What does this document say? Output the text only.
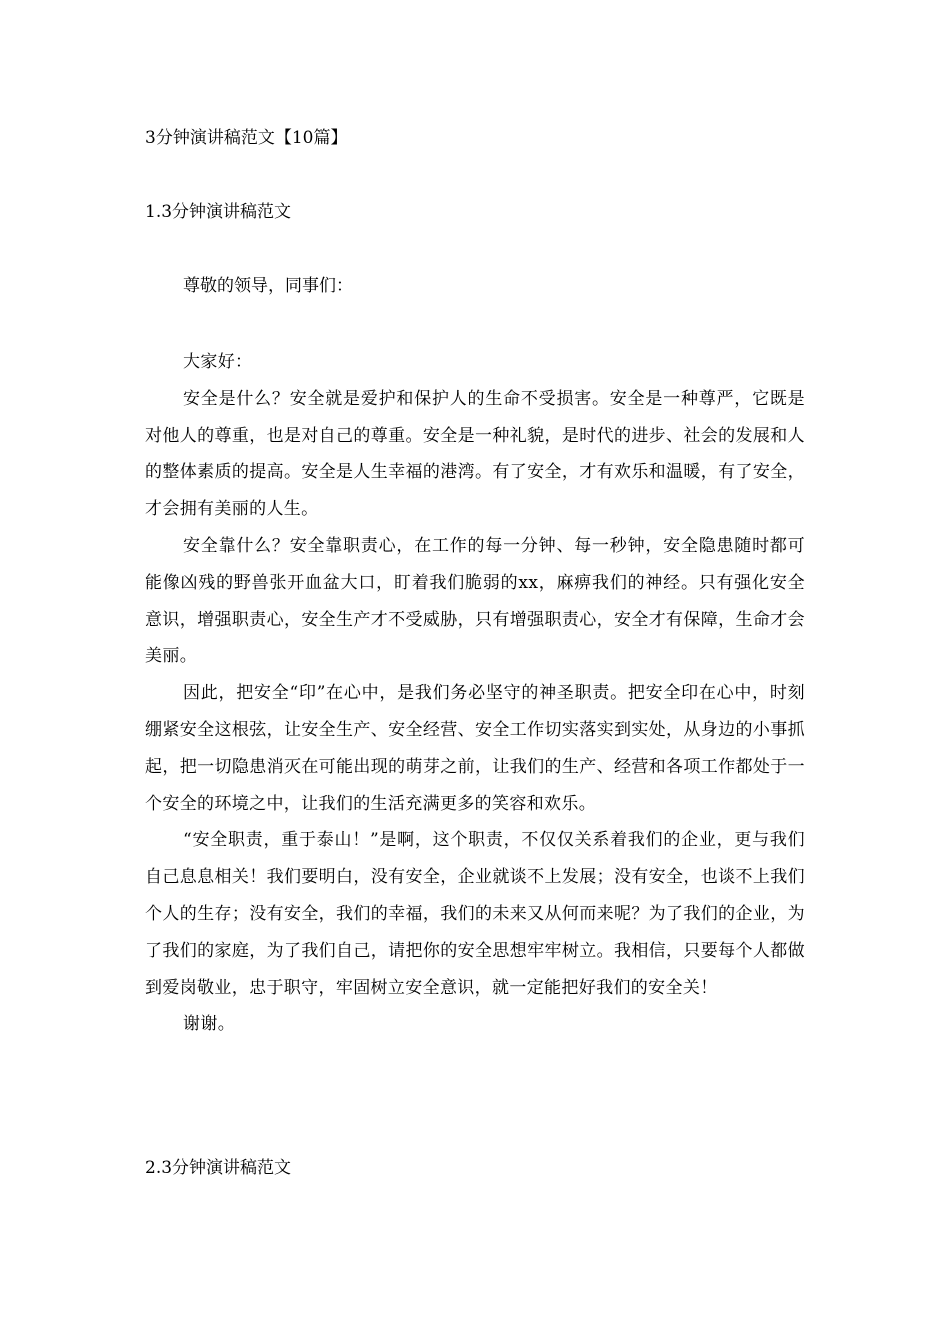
3分钟演讲稿范文【10篇】
1.3分钟演讲稿范文
尊敬的领导，同事们：

大家好：

安全是什么？安全就是爱护和保护人的生命不受损害。安全是一种尊严，它既是对他人的尊重，也是对自己的尊重。安全是一种礼貌，是时代的进步、社会的发展和人的整体素质的提高。安全是人生幸福的港湾。有了安全，才有欢乐和温暖，有了安全，才会拥有美丽的人生。

安全靠什么？安全靠职责心，在工作的每一分钟、每一秒钟，安全隐患随时都可能像凶残的野兽张开血盆大口，盯着我们脆弱的xx，麻痹我们的神经。只有强化安全意识，增强职责心，安全生产才不受威胁，只有增强职责心，安全才有保障，生命才会美丽。

因此，把安全“印”在心中，是我们务必坚守的神圣职责。把安全印在心中，时刻绷紧安全这根弦，让安全生产、安全经营、安全工作切实落实到实处，从身边的小事抓起，把一切隐患消灭在可能出现的萌芽之前，让我们的生产、经营和各项工作都处于一个安全的环境之中，让我们的生活充满更多的笑容和欢乐。

“安全职责，重于泰山！”是啊，这个职责，不仅仅关系着我们的企业，更与我们自己息息相关！我们要明白，没有安全，企业就谈不上发展；没有安全，也谈不上我们个人的生存；没有安全，我们的幸福，我们的未来又从何而来呢？为了我们的企业，为了我们的家庭，为了我们自己，请把你的安全思想牢牢树立。我相信，只要每个人都做到爱岗敬业，忠于职守，牢固树立安全意识，就一定能把好我们的安全关！

谢谢。

2.3分钟演讲稿范文
